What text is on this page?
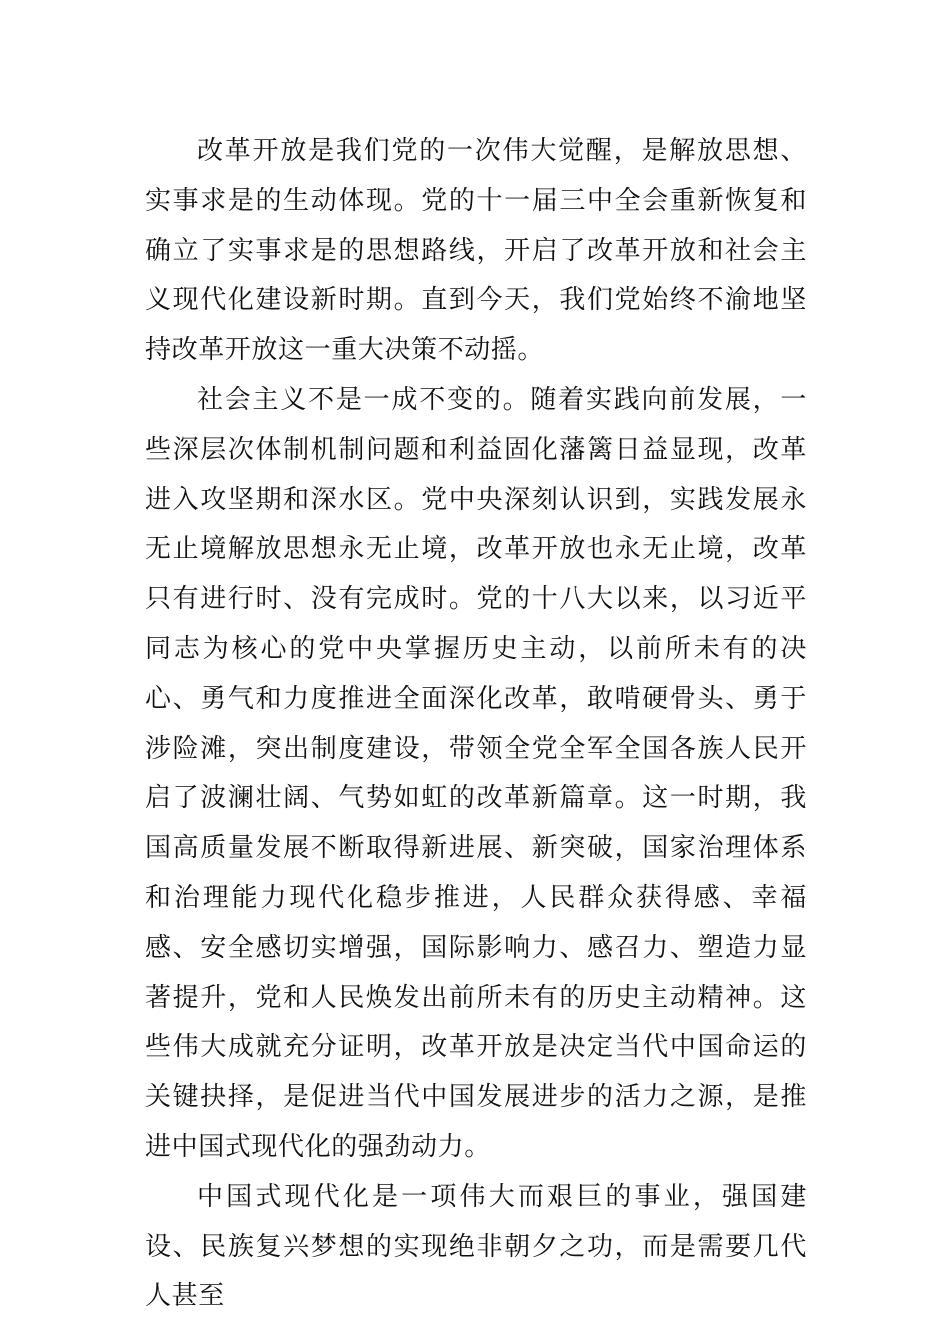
改革开放是我们党的一次伟大觉醒，是解放思想、实事求是的生动体现。党的十一届三中全会重新恢复和确立了实事求是的思想路线，开启了改革开放和社会主义现代化建设新时期。直到今天，我们党始终不渝地坚持改革开放这一重大决策不动摇。

社会主义不是一成不变的。随着实践向前发展，一些深层次体制机制问题和利益固化藩篱日益显现，改革进入攻坚期和深水区。党中央深刻认识到，实践发展永无止境解放思想永无止境，改革开放也永无止境，改革只有进行时、没有完成时。党的十八大以来，以习近平同志为核心的党中央掌握历史主动，以前所未有的决心、勇气和力度推进全面深化改革，敢啃硬骨头、勇于涉险滩，突出制度建设，带领全党全军全国各族人民开启了波澜壮阔、气势如虹的改革新篇章。这一时期，我国高质量发展不断取得新进展、新突破，国家治理体系和治理能力现代化稳步推进，人民群众获得感、幸福感、安全感切实增强，国际影响力、感召力、塑造力显著提升，党和人民焕发出前所未有的历史主动精神。这些伟大成就充分证明，改革开放是决定当代中国命运的关键抉择，是促进当代中国发展进步的活力之源，是推进中国式现代化的强劲动力。

中国式现代化是一项伟大而艰巨的事业，强国建设、民族复兴梦想的实现绝非朝夕之功，而是需要几代人甚至
